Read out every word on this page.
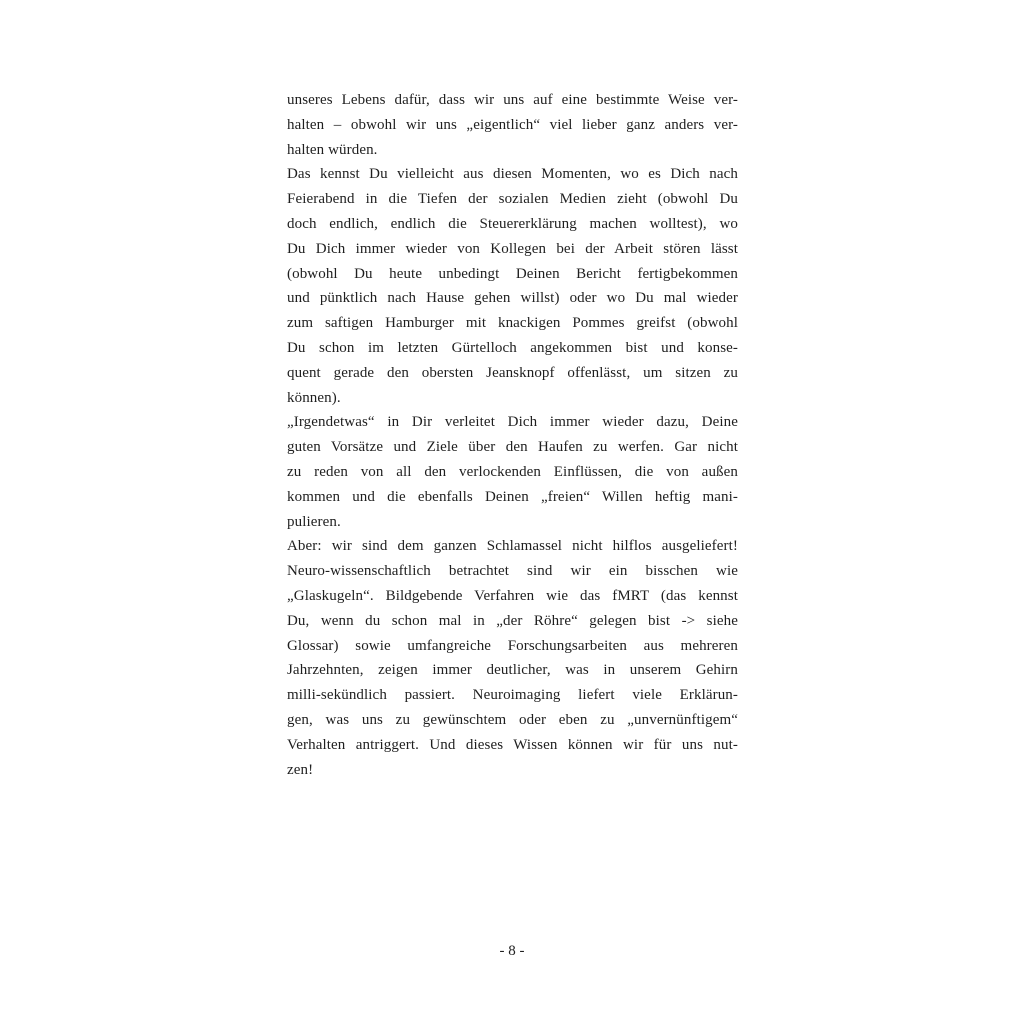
unseres Lebens dafür, dass wir uns auf eine bestimmte Weise ver-
halten – obwohl wir uns „eigentlich“ viel lieber ganz anders ver-
halten würden.
Das kennst Du vielleicht aus diesen Momenten, wo es Dich nach
Feierabend in die Tiefen der sozialen Medien zieht (obwohl Du
doch endlich, endlich die Steuererklärung machen wolltest), wo
Du Dich immer wieder von Kollegen bei der Arbeit stören lässt
(obwohl Du heute unbedingt Deinen Bericht fertigbekommen
und pünktlich nach Hause gehen willst) oder wo Du mal wieder
zum saftigen Hamburger mit knackigen Pommes greifst (obwohl
Du schon im letzten Gürtelloch angekommen bist und konse-
quent gerade den obersten Jeansknopf offenlässt, um sitzen zu
können).
„Irgendetwas“ in Dir verleitet Dich immer wieder dazu, Deine
guten Vorsätze und Ziele über den Haufen zu werfen. Gar nicht
zu reden von all den verlockenden Einflüssen, die von außen
kommen und die ebenfalls Deinen „freien“ Willen heftig mani-
pulieren.
Aber: wir sind dem ganzen Schlamassel nicht hilflos ausgeliefert!
Neuro-wissenschaftlich betrachtet sind wir ein bisschen wie
„Glaskugeln“. Bildgebende Verfahren wie das fMRT (das kennst
Du, wenn du schon mal in „der Röhre“ gelegen bist -> siehe
Glossar) sowie umfangreiche Forschungsarbeiten aus mehreren
Jahrzehnten, zeigen immer deutlicher, was in unserem Gehirn
milli-sekündlich passiert. Neuroimaging liefert viele Erklärun-
gen, was uns zu gewünschtem oder eben zu „unvernünftigem“
Verhalten antriggert. Und dieses Wissen können wir für uns nut-
zen!
- 8 -
